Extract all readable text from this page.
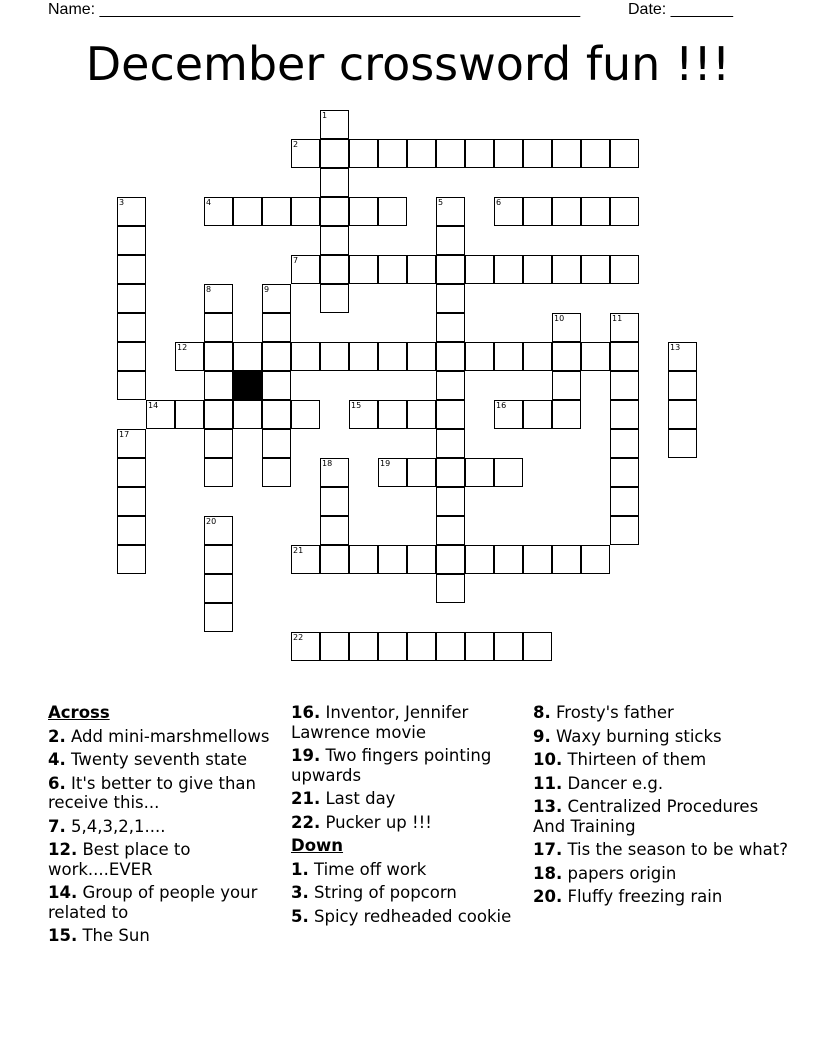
Name: ______________________________________________________	Date: _______
December crossword fun !!!
1
2
3	4	5	6
7
8	9
10	11
12	13
14	15	16
17
18	19
20
21
22
Across
2. Add mini-marshmellows
4. Twenty seventh state
6. It's better to give than receive this...
7. 5,4,3,2,1....
12. Best place to work....EVER
14. Group of people your related to
15. The Sun
16. Inventor, Jennifer Lawrence movie
19. Two fingers pointing upwards
21. Last day
22. Pucker up !!!
Down
1. Time off work
3. String of popcorn
5. Spicy redheaded cookie
8. Frosty's father
9. Waxy burning sticks
10. Thirteen of them
11. Dancer e.g.
13. Centralized Procedures And Training
17. Tis the season to be what?
18. papers origin
20. Fluffy freezing rain
